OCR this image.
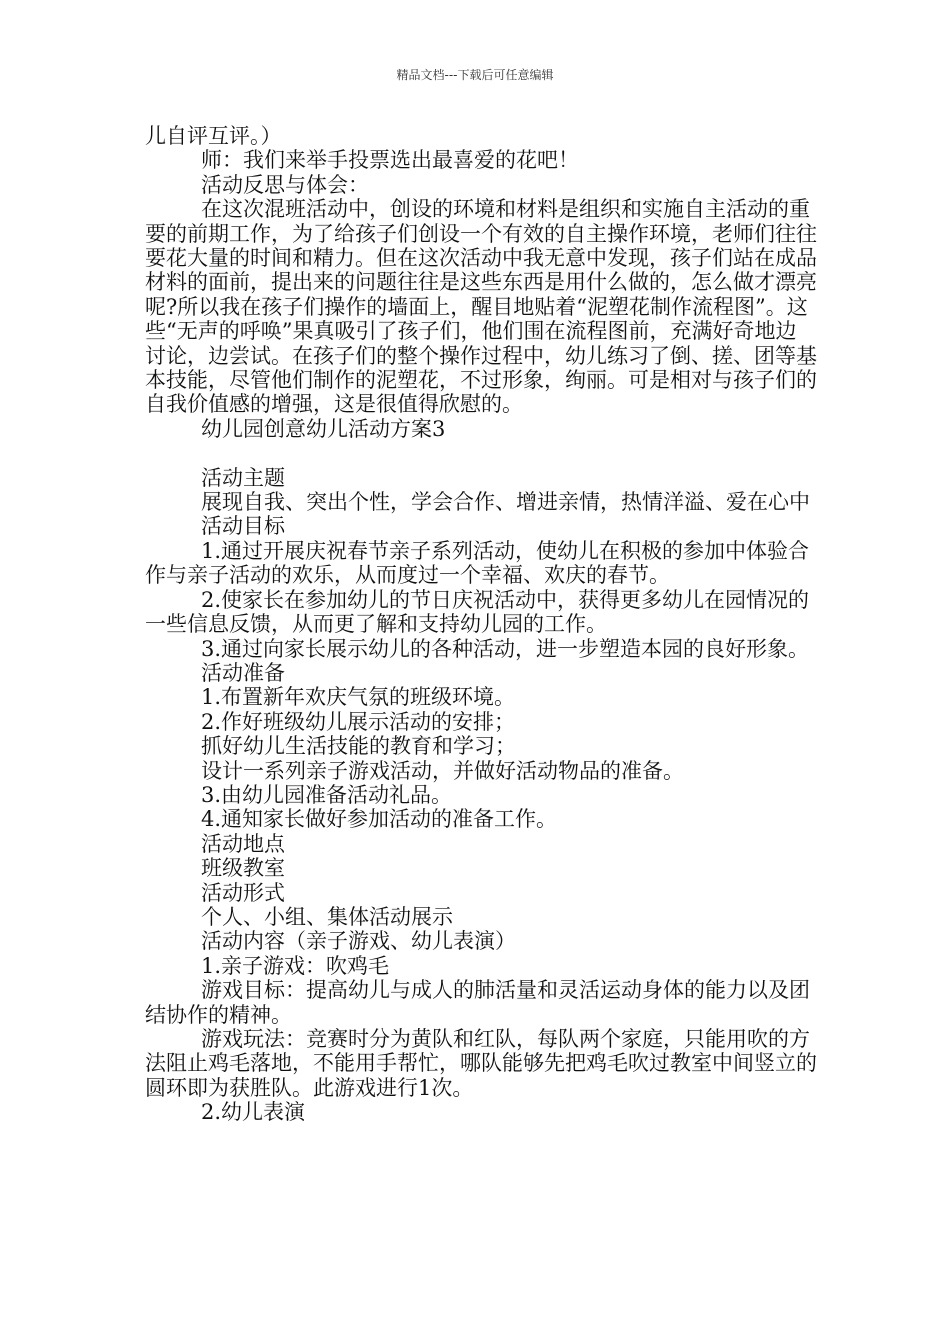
精品文档---下载后可任意编辑

儿自评互评。）

师：我们来举手投票选出最喜爱的花吧！

活动反思与体会：

在这次混班活动中，创设的环境和材料是组织和实施自主活动的重要的前期工作，为了给孩子们创设一个有效的自主操作环境，老师们往往要花大量的时间和精力。但在这次活动中我无意中发现，孩子们站在成品材料的面前，提出来的问题往往是这些东西是用什么做的，怎么做才漂亮呢?所以我在孩子们操作的墙面上，醒目地贴着“泥塑花制作流程图”。这些“无声的呼唤”果真吸引了孩子们，他们围在流程图前，充满好奇地边讨论，边尝试。在孩子们的整个操作过程中，幼儿练习了倒、搓、团等基本技能，尽管他们制作的泥塑花，不过形象，绚丽。可是相对与孩子们的自我价值感的增强，这是很值得欣慰的。

幼儿园创意幼儿活动方案3

活动主题

展现自我、突出个性，学会合作、增进亲情，热情洋溢、爱在心中

活动目标

1.通过开展庆祝春节亲子系列活动，使幼儿在积极的参加中体验合作与亲子活动的欢乐，从而度过一个幸福、欢庆的春节。

2.使家长在参加幼儿的节日庆祝活动中，获得更多幼儿在园情况的一些信息反馈，从而更了解和支持幼儿园的工作。

3.通过向家长展示幼儿的各种活动，进一步塑造本园的良好形象。

活动准备

1.布置新年欢庆气氛的班级环境。

2.作好班级幼儿展示活动的安排；

抓好幼儿生活技能的教育和学习；

设计一系列亲子游戏活动，并做好活动物品的准备。

3.由幼儿园准备活动礼品。

4.通知家长做好参加活动的准备工作。

活动地点

班级教室

活动形式

个人、小组、集体活动展示

活动内容（亲子游戏、幼儿表演）

1.亲子游戏：吹鸡毛

游戏目标：提高幼儿与成人的肺活量和灵活运动身体的能力以及团结协作的精神。

游戏玩法：竞赛时分为黄队和红队，每队两个家庭，只能用吹的方法阻止鸡毛落地，不能用手帮忙，哪队能够先把鸡毛吹过教室中间竖立的圆环即为获胜队。此游戏进行1次。

2.幼儿表演
